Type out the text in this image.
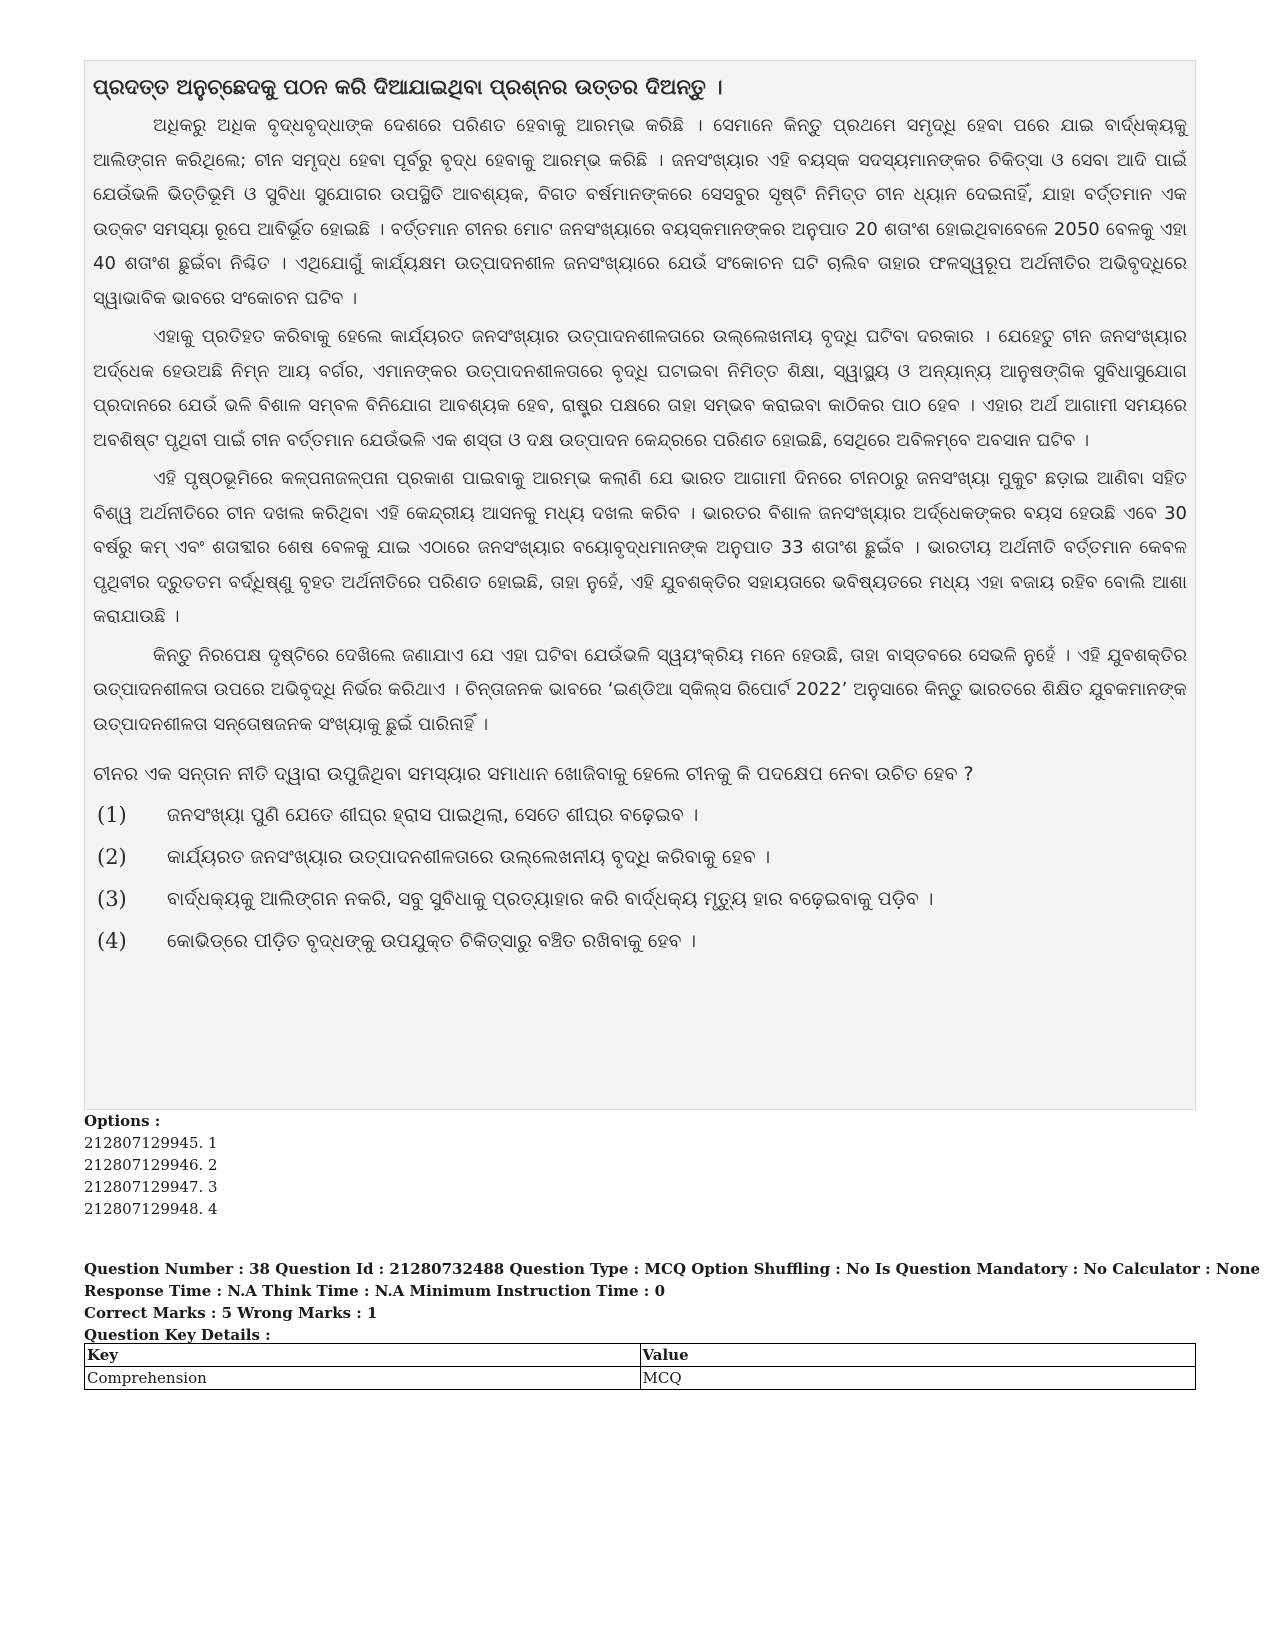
ପ୍ରଦତ୍ତ ଅନୁଚ୍ଛେଦକୁ ପଠନ କରି ଦିଆଯାଇଥିବା ପ୍ରଶ୍ନର ଉତ୍ତର ଦିଅନ୍ତୁ ।
ଅଧିକରୁ ଅଧିକ ବୃଦ୍ଧବୃଦ୍ଧାଙ୍କ ଦେଶରେ ପରିଣତ ହେବାକୁ ଆରମ୍ଭ କରିଛି । ସେମାନେ କିନ୍ତୁ ପ୍ରଥମେ ସମୃଦ୍ଧି ହେବା ପରେ ଯାଇ ବାର୍ଦ୍ଧକ୍ୟକୁ ଆଲିଙ୍ଗନ କରିଥିଲେ; ଚୀନ ସମୃଦ୍ଧ ହେବା ପୂର୍ବରୁ ବୃଦ୍ଧ ହେବାକୁ ଆରମ୍ଭ କରିଛି । ଜନସଂଖ୍ୟାର ଏହି ବୟସ୍କ ସଦସ୍ୟମାନଙ୍କର ଚିକିତ୍ସା ଓ ସେବା ଆଦି ପାଇଁ ଯେଉଁଭଳି ଭିତ୍ତିଭୂମି ଓ ସୁବିଧା ସୁଯୋଗର ଉପସ୍ଥିତି ଆବଶ୍ୟକ, ବିଗତ ବର୍ଷମାନଙ୍କରେ ସେସବୁର ସୃଷ୍ଟି ନିମିତ୍ତ ଚୀନ ଧ୍ୟାନ ଦେଇନାହିଁ, ଯାହା ବର୍ତ୍ତମାନ ଏକ ଉତ୍କଟ ସମସ୍ୟା ରୂପେ ଆବିର୍ଭୂତ ହୋଇଛି । ବର୍ତ୍ତମାନ ଚୀନର ମୋଟ ଜନସଂଖ୍ୟାରେ ବୟସ୍କମାନଙ୍କର ଅନୁପାତ 20 ଶତାଂଶ ହୋଇଥିବାବେଳେ 2050 ବେଳକୁ ଏହା 40 ଶତାଂଶ ଛୁଇଁବା ନିଶ୍ଚିତ । ଏଥିଯୋଗୁଁ କାର୍ଯ୍ୟକ୍ଷମ ଉତ୍ପାଦନଶୀଳ ଜନସଂଖ୍ୟାରେ ଯେଉଁ ସଂକୋଚନ ଘଟି ଚାଲିବ ତାହାର ଫଳସ୍ୱରୂପ ଅର୍ଥନୀତିର ଅଭିବୃଦ୍ଧିରେ ସ୍ୱାଭାବିକ ଭାବରେ ସଂକୋଚନ ଘଟିବ ।
ଏହାକୁ ପ୍ରତିହତ କରିବାକୁ ହେଲେ କାର୍ଯ୍ୟରତ ଜନସଂଖ୍ୟାର ଉତ୍ପାଦନଶୀଳତାରେ ଉଲ୍ଲେଖନୀୟ ବୃଦ୍ଧି ଘଟିବା ଦରକାର । ଯେହେତୁ ଚୀନ ଜନସଂଖ୍ୟାର ଅର୍ଦ୍ଧେକ ହେଉଅଛି ନିମ୍ନ ଆୟ ବର୍ଗର, ଏମାନଙ୍କର ଉତ୍ପାଦନଶୀଳତାରେ ବୃଦ୍ଧି ଘଟାଇବା ନିମିତ୍ତ ଶିକ୍ଷା, ସ୍ୱାସ୍ଥ୍ୟ ଓ ଅନ୍ୟାନ୍ୟ ଆନୁଷଙ୍ଗିକ ସୁବିଧାସୁଯୋଗ ପ୍ରଦାନରେ ଯେଉଁ ଭଳି ବିଶାଳ ସମ୍ବଳ ବିନିଯୋଗ ଆବଶ୍ୟକ ହେବ, ରାଷ୍ଟ୍ର ପକ୍ଷରେ ତାହା ସମ୍ଭବ କରାଇବା କାଠିକର ପାଠ ହେବ । ଏହାର ଅର୍ଥ ଆଗାମୀ ସମୟରେ ଅବଶିଷ୍ଟ ପୃଥିବୀ ପାଇଁ ଚୀନ ବର୍ତ୍ତମାନ ଯେଉଁଭଳି ଏକ ଶସ୍ତା ଓ ଦକ୍ଷ ଉତ୍ପାଦନ କେନ୍ଦ୍ରରେ ପରିଣତ ହୋଇଛି, ସେଥିରେ ଅବିଳମ୍ବେ ଅବସାନ ଘଟିବ ।
ଏହି ପୃଷ୍ଠଭୂମିରେ କଳ୍ପନାଜଳ୍ପନା ପ୍ରକାଶ ପାଇବାକୁ ଆରମ୍ଭ କଲାଣି ଯେ ଭାରତ ଆଗାମୀ ଦିନରେ ଚୀନଠାରୁ ଜନସଂଖ୍ୟା ମୁକୁଟ ଛଡ଼ାଇ ଆଣିବା ସହିତ ବିଶ୍ୱ ଅର୍ଥନୀତିରେ ଚୀନ ଦଖଲ କରିଥିବା ଏହି କେନ୍ଦ୍ରୀୟ ଆସନକୁ ମଧ୍ୟ ଦଖଲ କରିବ । ଭାରତର ବିଶାଳ ଜନସଂଖ୍ୟାର ଅର୍ଦ୍ଧେକଙ୍କର ବୟସ ହେଉଛି ଏବେ 30 ବର୍ଷରୁ କମ୍ ଏବଂ ଶତାବ୍ଦୀର ଶେଷ ବେଳକୁ ଯାଇ ଏଠାରେ ଜନସଂଖ୍ୟାର ବୟୋବୃଦ୍ଧମାନଙ୍କ ଅନୁପାତ 33 ଶତାଂଶ ଛୁଇଁବ । ଭାରତୀୟ ଅର୍ଥନୀତି ବର୍ତ୍ତମାନ କେବଳ ପୃଥିବୀର ଦ୍ରୁତତମ ବର୍ଦ୍ଧିଷ୍ଣୁ ବୃହତ ଅର୍ଥନୀତିରେ ପରିଣତ ହୋଇଛି, ତାହା ନୁହେଁ, ଏହି ଯୁବଶକ୍ତିର ସହାୟତାରେ ଭବିଷ୍ୟତରେ ମଧ୍ୟ ଏହା ବଜାୟ ରହିବ ବୋଲି ଆଶା କରାଯାଉଛି ।
କିନ୍ତୁ ନିରପେକ୍ଷ ଦୃଷ୍ଟିରେ ଦେଖିଲେ ଜଣାଯାଏ ଯେ ଏହା ଘଟିବା ଯେଉଁଭଳି ସ୍ୱୟଂକ୍ରିୟ ମନେ ହେଉଛି, ତାହା ବାସ୍ତବରେ ସେଭଳି ନୁହେଁ । ଏହି ଯୁବଶକ୍ତିର ଉତ୍ପାଦନଶୀଳତା ଉପରେ ଅଭିବୃଦ୍ଧି ନିର୍ଭର କରିଥାଏ । ଚିନ୍ତାଜନକ ଭାବରେ ‘ଇଣ୍ଡିଆ ସ୍କିଲ୍ସ ରିପୋର୍ଟ 2022’ ଅନୁସାରେ କିନ୍ତୁ ଭାରତରେ ଶିକ୍ଷିତ ଯୁବକମାନଙ୍କ ଉତ୍ପାଦନଶୀଳତା ସନ୍ତୋଷଜନକ ସଂଖ୍ୟାକୁ ଛୁଇଁ ପାରିନାହିଁ ।
ଚୀନର ଏକ ସନ୍ତାନ ନୀତି ଦ୍ୱାରା ଉପୁଜିଥିବା ସମସ୍ୟାର ସମାଧାନ ଖୋଜିବାକୁ ହେଲେ ଚୀନକୁ କି ପଦକ୍ଷେପ ନେବା ଉଚିତ ହେବ ?
(1)	ଜନସଂଖ୍ୟା ପୁଣି ଯେତେ ଶୀଘ୍ର ହ୍ରାସ ପାଇଥିଲା, ସେତେ ଶୀଘ୍ର ବଢ଼େଇବ ।
(2)	କାର୍ଯ୍ୟରତ ଜନସଂଖ୍ୟାର ଉତ୍ପାଦନଶୀଳତାରେ ଉଲ୍ଲେଖନୀୟ ବୃଦ୍ଧି କରିବାକୁ ହେବ ।
(3)	ବାର୍ଦ୍ଧକ୍ୟକୁ ଆଲିଙ୍ଗନ ନକରି, ସବୁ ସୁବିଧାକୁ ପ୍ରତ୍ୟାହାର କରି ବାର୍ଦ୍ଧକ୍ୟ ମୃତ୍ୟୁ ହାର ବଢ଼େଇବାକୁ ପଡ଼ିବ ।
(4)	କୋଭିଡ୍‌ରେ ପୀଡ଼ିତ ବୃଦ୍ଧଙ୍କୁ ଉପଯୁକ୍ତ ଚିକିତ୍ସାରୁ ବଞ୍ଚିତ ରଖିବାକୁ ହେବ ।
Options :
212807129945. 1
212807129946. 2
212807129947. 3
212807129948. 4
Question Number : 38 Question Id : 21280732488 Question Type : MCQ Option Shuffling : No Is Question Mandatory : No Calculator : None
Response Time : N.A Think Time : N.A Minimum Instruction Time : 0
Correct Marks : 5 Wrong Marks : 1
Question Key Details :
Key	Value
Comprehension	MCQ
